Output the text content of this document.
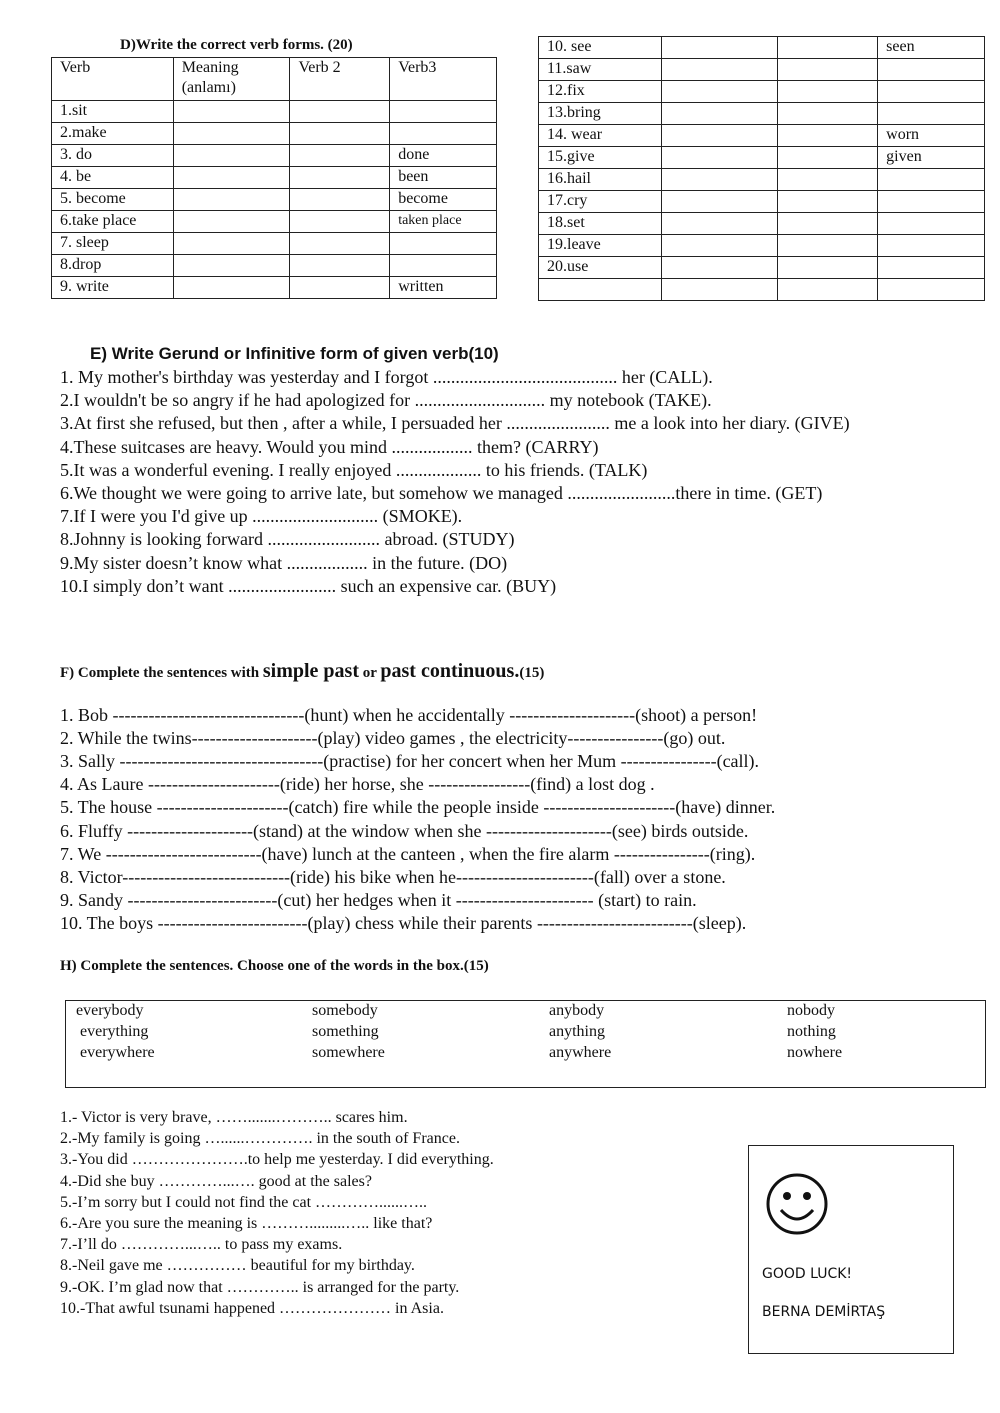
D)Write the correct verb forms. (20)
Verb	Meaning (anlamı)	Verb 2	Verb3
1.sit			
2.make			
3. do			done
4. be			been
5. become			become
6.take place			taken place
7. sleep			
8.drop			
9. write			written
10. see			seen
11.saw			
12.fix			
13.bring			
14. wear			worn
15.give			given
16.hail			
17.cry			
18.set			
19.leave			
20.use			

E) Write Gerund or Infinitive form of given verb(10)
1. My mother's birthday was yesterday and I forgot ......................................... her (CALL).
2.I wouldn't be so angry if he had apologized for ............................. my notebook (TAKE).
3.At first she refused, but then , after a while, I persuaded her ....................... me a look into her diary. (GIVE)
4.These suitcases are heavy. Would you mind .................. them? (CARRY)
5.It was a wonderful evening. I really enjoyed ................... to his friends. (TALK)
6.We thought we were going to arrive late, but somehow we managed ........................there in time. (GET)
7.If I were you I'd give up ............................ (SMOKE).
8.Johnny is looking forward ......................... abroad. (STUDY)
9.My sister doesn’t know what .................. in the future. (DO)
10.I simply don’t want ........................ such an expensive car. (BUY)
F) Complete the sentences with simple past or past continuous.(15)
1. Bob --------------------------------(hunt) when he accidentally ---------------------(shoot) a person!
2. While the twins---------------------(play) video games , the electricity----------------(go) out.
3. Sally ----------------------------------(practise) for her concert when her Mum ----------------(call).
4. As Laure ----------------------(ride) her horse, she -----------------(find) a lost dog .
5. The house ----------------------(catch) fire while the people inside ----------------------(have) dinner.
6. Fluffy ---------------------(stand) at the window when she ---------------------(see) birds outside.
7. We --------------------------(have) lunch at the canteen , when the fire alarm ----------------(ring).
8. Victor----------------------------(ride) his bike when he-----------------------(fall) over a stone.
9. Sandy -------------------------(cut) her hedges when it ----------------------- (start) to rain.
10. The boys -------------------------(play) chess while their parents --------------------------(sleep).
H) Complete the sentences. Choose one of the words in the box.(15)
everybody	somebody	anybody	nobody
everything	something	anything	nothing
everywhere	somewhere	anywhere	nowhere
1.- Victor is very brave, …….......……….. scares him.
2.-My family is going …......…………. in the south of France.
3.-You did ………………….to help me yesterday. I did everything.
4.-Did she buy …………...…. good at the sales?
5.-I’m sorry but I could not find the cat …………......…..
6.-Are you sure the meaning is ……….........….. like that?
7.-I’ll do …………...….. to pass my exams.
8.-Neil gave me …………… beautiful for my birthday.
9.-OK. I’m glad now that ………….. is arranged for the party.
10.-That awful tsunami happened ………………… in Asia.
GOOD LUCK!
BERNA DEMİRTAŞ
